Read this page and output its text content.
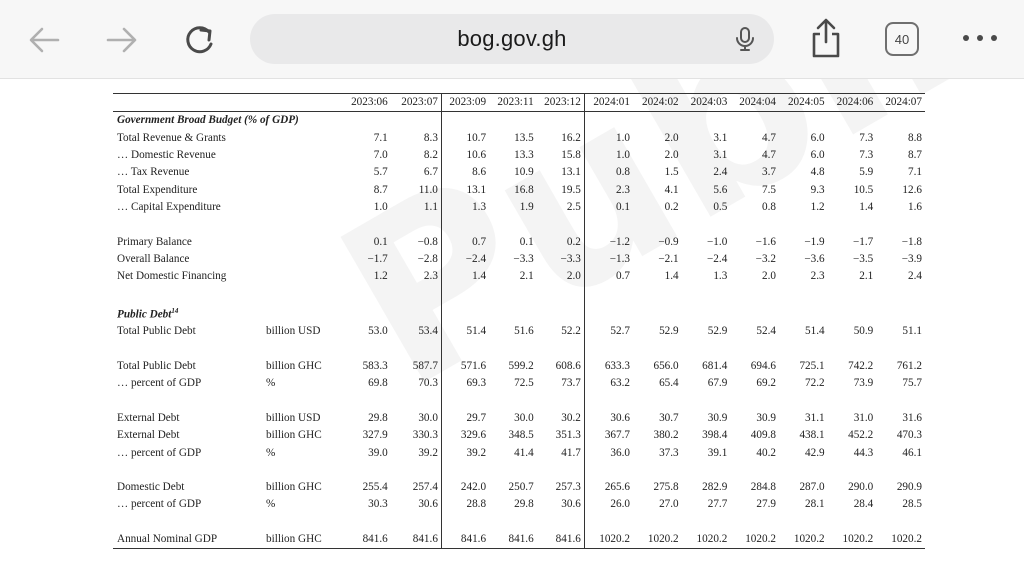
bog.gov.gh	40
		2023:06	2023:07	2023:09	2023:11	2023:12	2024:01	2024:02	2024:03	2024:04	2024:05	2024:06	2024:07
Government Broad Budget (% of GDP)													
Total Revenue & Grants		7.1	8.3	10.7	13.5	16.2	1.0	2.0	3.1	4.7	6.0	7.3	8.8
… Domestic Revenue		7.0	8.2	10.6	13.3	15.8	1.0	2.0	3.1	4.7	6.0	7.3	8.7
… Tax Revenue		5.7	6.7	8.6	10.9	13.1	0.8	1.5	2.4	3.7	4.8	5.9	7.1
Total Expenditure		8.7	11.0	13.1	16.8	19.5	2.3	4.1	5.6	7.5	9.3	10.5	12.6
… Capital Expenditure		1.0	1.1	1.3	1.9	2.5	0.1	0.2	0.5	0.8	1.2	1.4	1.6

Primary Balance		0.1	−0.8	0.7	0.1	0.2	−1.2	−0.9	−1.0	−1.6	−1.9	−1.7	−1.8
Overall Balance		−1.7	−2.8	−2.4	−3.3	−3.3	−1.3	−2.1	−2.4	−3.2	−3.6	−3.5	−3.9
Net Domestic Financing		1.2	2.3	1.4	2.1	2.0	0.7	1.4	1.3	2.0	2.3	2.1	2.4

Public Debt$^{14}$												
Total Public Debt	billion USD	53.0	53.4	51.4	51.6	52.2	52.7	52.9	52.9	52.4	51.4	50.9	51.1

Total Public Debt	billion GHC	583.3	587.7	571.6	599.2	608.6	633.3	656.0	681.4	694.6	725.1	742.2	761.2
… percent of GDP	%	69.8	70.3	69.3	72.5	73.7	63.2	65.4	67.9	69.2	72.2	73.9	75.7

External Debt	billion USD	29.8	30.0	29.7	30.0	30.2	30.6	30.7	30.9	30.9	31.1	31.0	31.6
External Debt	billion GHC	327.9	330.3	329.6	348.5	351.3	367.7	380.2	398.4	409.8	438.1	452.2	470.3
… percent of GDP	%	39.0	39.2	39.2	41.4	41.7	36.0	37.3	39.1	40.2	42.9	44.3	46.1

Domestic Debt	billion GHC	255.4	257.4	242.0	250.7	257.3	265.6	275.8	282.9	284.8	287.0	290.0	290.9
… percent of GDP	%	30.3	30.6	28.8	29.8	30.6	26.0	27.0	27.7	27.9	28.1	28.4	28.5

Annual Nominal GDP	billion GHC	841.6	841.6	841.6	841.6	841.6	1020.2	1020.2	1020.2	1020.2	1020.2	1020.2	1020.2
